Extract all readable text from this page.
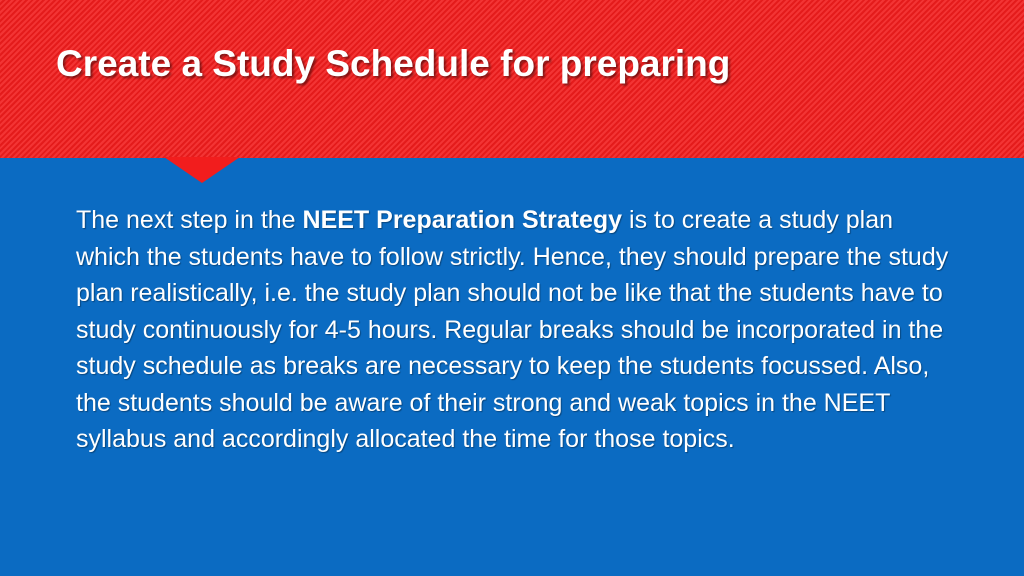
Create a Study Schedule for preparing

The next step in the NEET Preparation Strategy is to create a study plan which the students have to follow strictly. Hence, they should prepare the study plan realistically, i.e. the study plan should not be like that the students have to study continuously for 4-5 hours. Regular breaks should be incorporated in the study schedule as breaks are necessary to keep the students focussed. Also, the students should be aware of their strong and weak topics in the NEET syllabus and accordingly allocated the time for those topics.
